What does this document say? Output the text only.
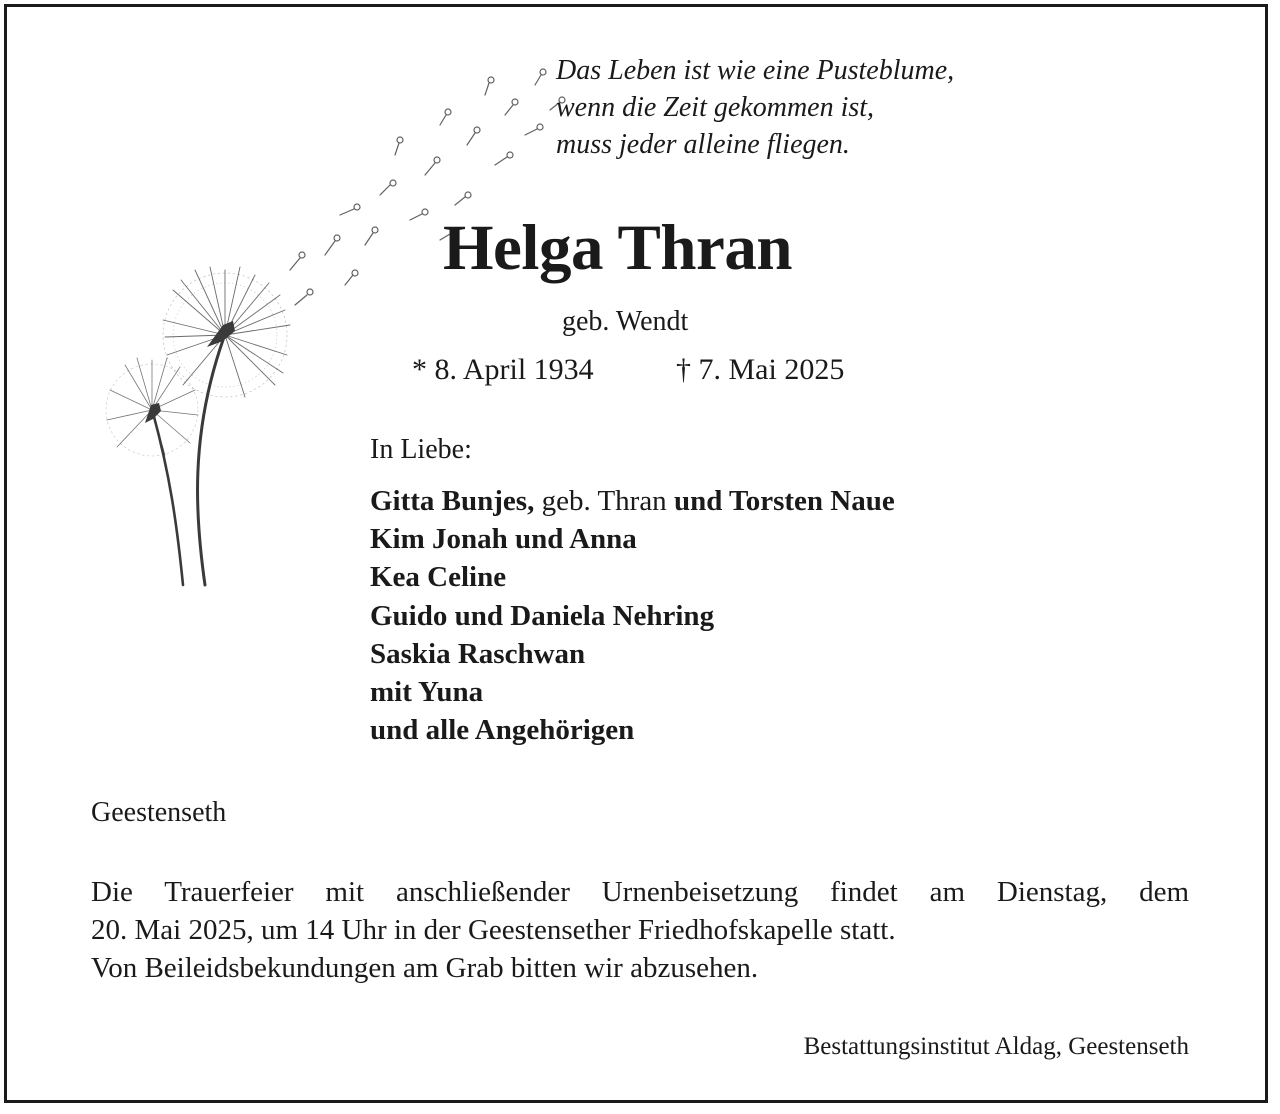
Das Leben ist wie eine Pusteblume,
wenn die Zeit gekommen ist,
muss jeder alleine fliegen.
Helga Thran
geb. Wendt
* 8. April 1934	† 7. Mai 2025
In Liebe:
Gitta Bunjes, geb. Thran und Torsten Naue
Kim Jonah und Anna
Kea Celine
Guido und Daniela Nehring
Saskia Raschwan
mit Yuna
und alle Angehörigen
Geestenseth
Die Trauerfeier mit anschließender Urnenbeisetzung findet am Dienstag, dem
20. Mai 2025, um 14 Uhr in der Geestensether Friedhofskapelle statt.
Von Beileidsbekundungen am Grab bitten wir abzusehen.
Bestattungsinstitut Aldag, Geestenseth
